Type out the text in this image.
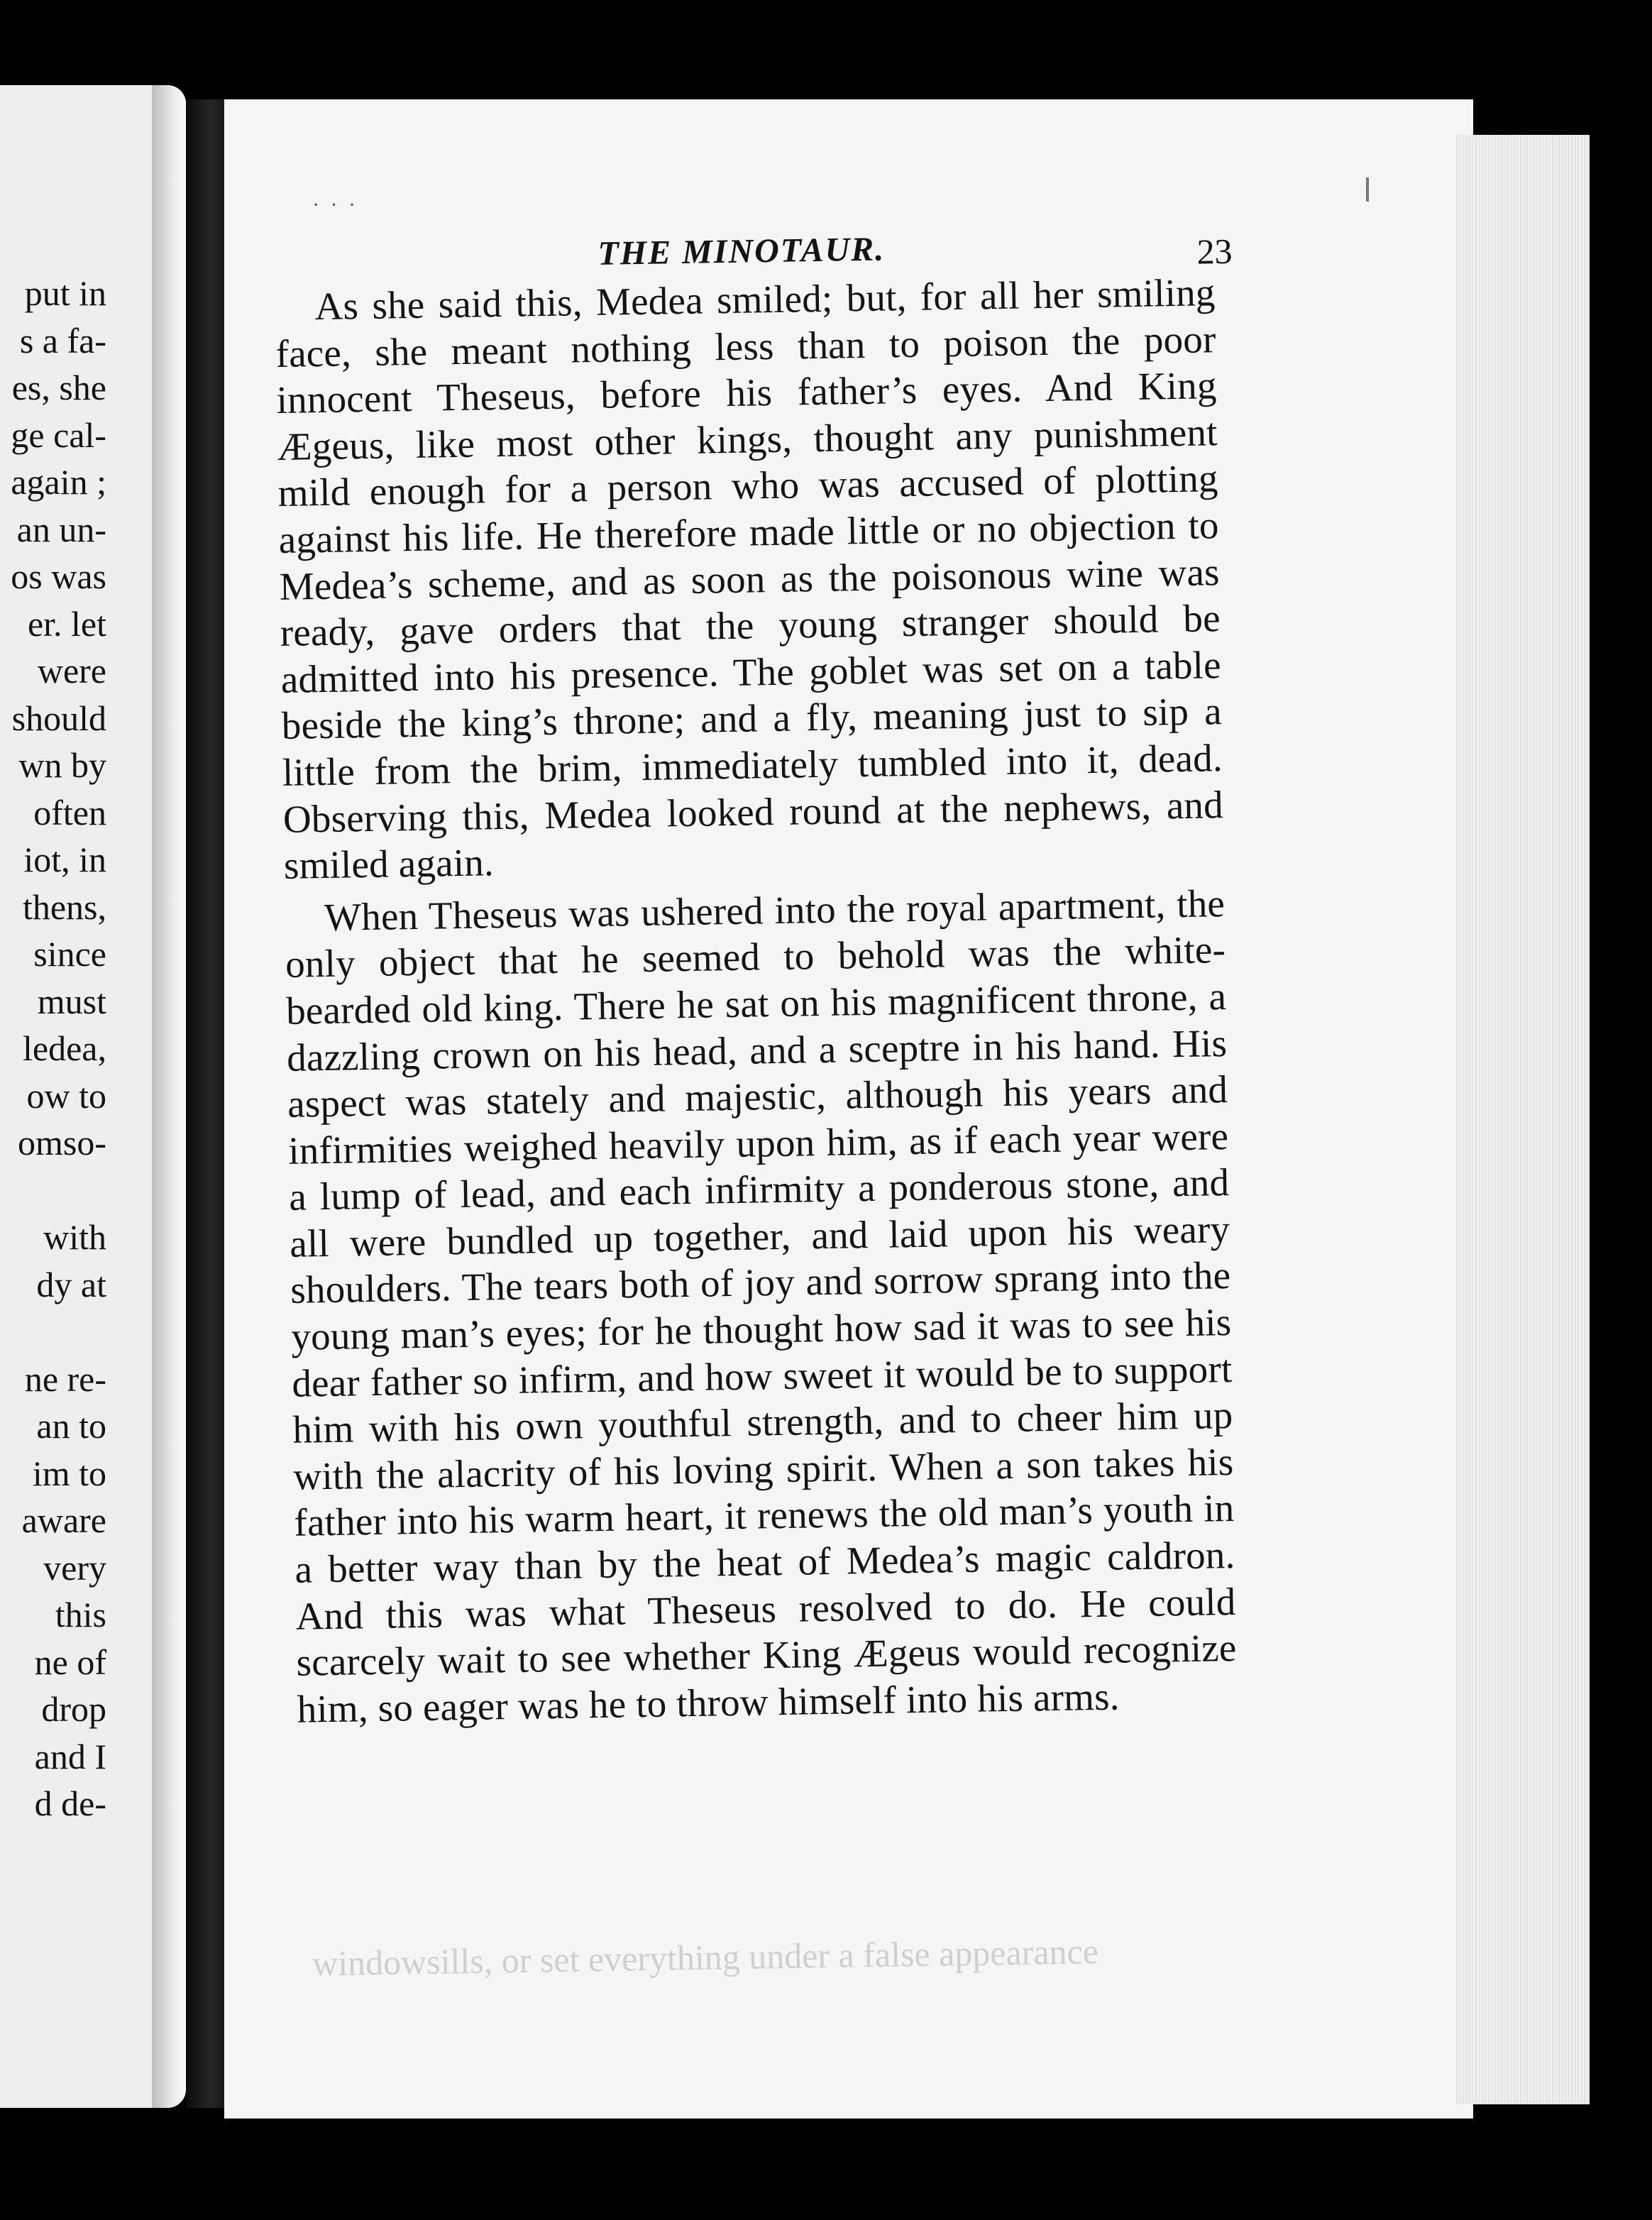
put in
s a fa-
es, she
ge cal-
again ;
an un-
os was
er. let
were
should
wn by
often
iot, in
thens,
since
must
ledea,
ow to
omso-

with
dy at

ne re-
an to
im to
aware
very
this
ne of
drop
and I
d de-
· · ·
THE MINOTAUR.	23

As she said this, Medea smiled; but, for all her smiling face, she meant nothing less than to poison the poor innocent Theseus, before his father’s eyes. And King Ægeus, like most other kings, thought any punishment mild enough for a person who was accused of plotting against his life. He therefore made little or no objection to Medea’s scheme, and as soon as the poisonous wine was ready, gave orders that the young stranger should be admitted into his presence. The goblet was set on a table beside the king’s throne; and a fly, meaning just to sip a little from the brim, immediately tumbled into it, dead. Observing this, Medea looked round at the nephews, and smiled again.

When Theseus was ushered into the royal apartment, the only object that he seemed to behold was the white-bearded old king. There he sat on his magnificent throne, a dazzling crown on his head, and a sceptre in his hand. His aspect was stately and majestic, although his years and infirmities weighed heavily upon him, as if each year were a lump of lead, and each infirmity a ponderous stone, and all were bundled up together, and laid upon his weary shoulders. The tears both of joy and sorrow sprang into the young man’s eyes; for he thought how sad it was to see his dear father so infirm, and how sweet it would be to support him with his own youthful strength, and to cheer him up with the alacrity of his loving spirit. When a son takes his father into his warm heart, it renews the old man’s youth in a better way than by the heat of Medea’s magic caldron. And this was what Theseus resolved to do. He could scarcely wait to see whether King Ægeus would recognize him, so eager was he to throw himself into his arms.

windowsills, or set everything under a false appearance
